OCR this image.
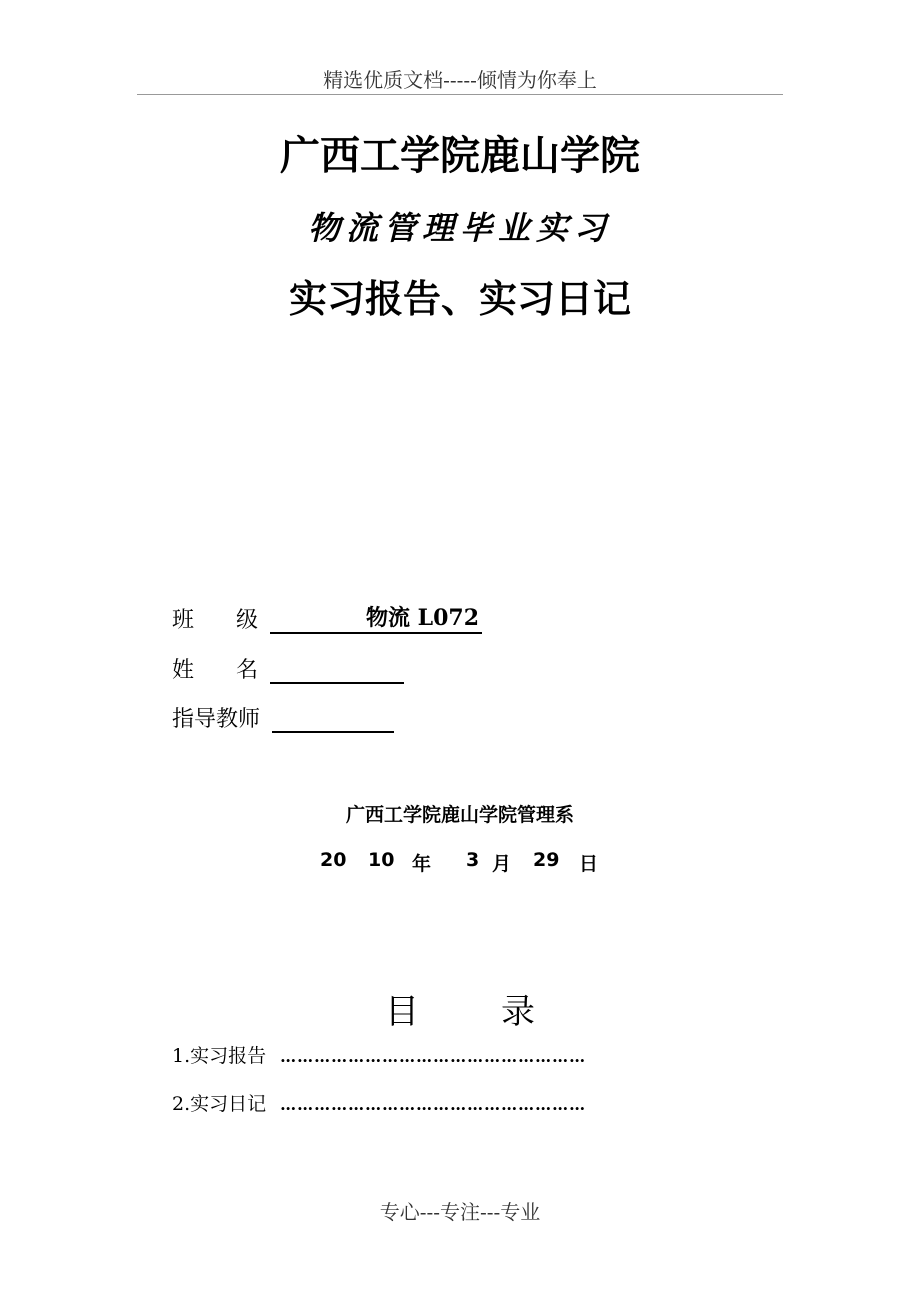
精选优质文档-----倾情为你奉上
广西工学院鹿山学院
物流管理毕业实习
实习报告、实习日记
班      级	物流 L072
姓      名
指导教师
广西工学院鹿山学院管理系
20 10 年 3 月 29 日
目 录
1.实习报告 ………………………………………………
2.实习日记 ………………………………………………
专心---专注---专业
